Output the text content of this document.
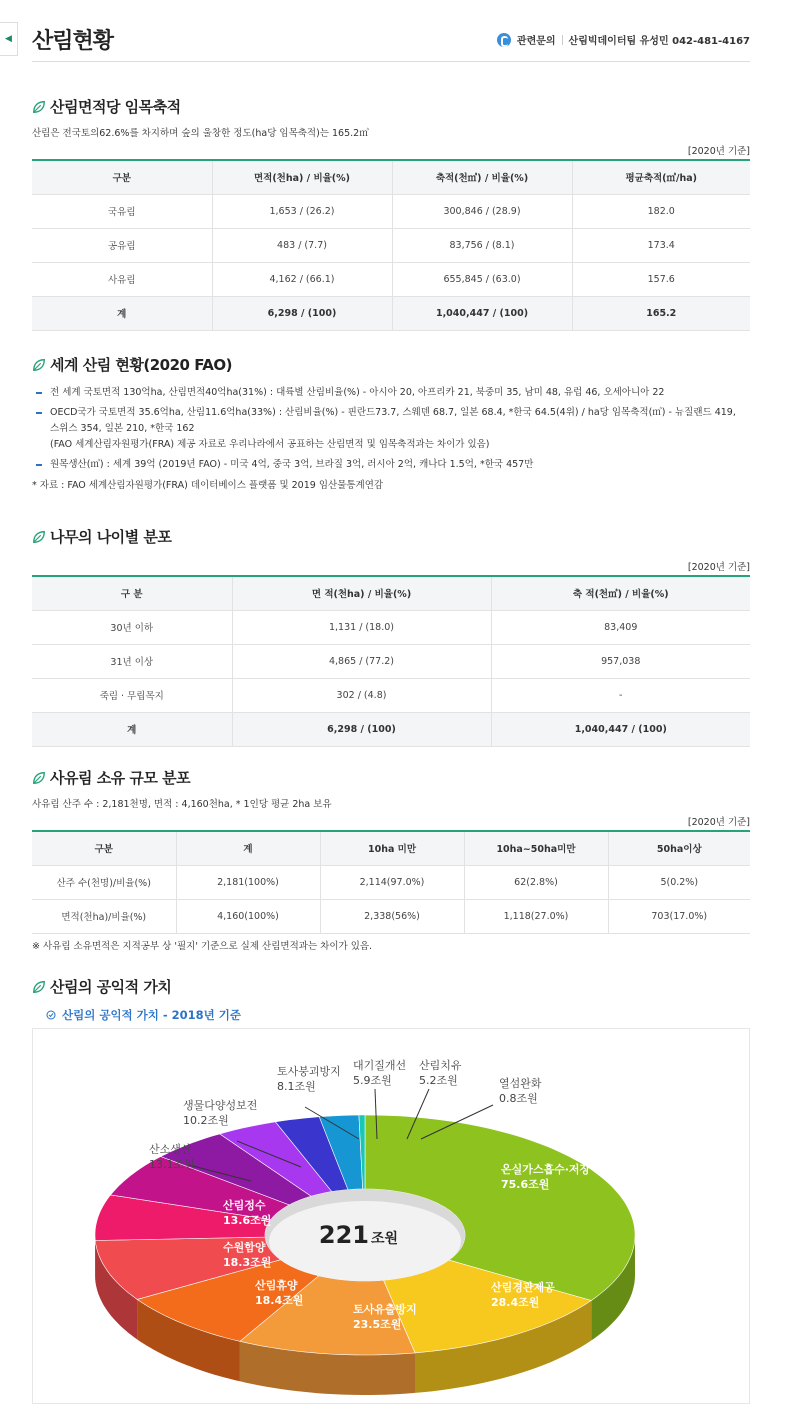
◀ 산림현황	관련문의 산림빅데이터팀 유성민 042-481-4167
산림면적당 임목축적
산림은 전국토의62.6%를 차지하며 숲의 울창한 정도(ha당 임목축적)는 165.2㎥
[2020년 기준]
구분	면적(천ha) / 비율(%)	축적(천㎥) / 비율(%)	평균축적(㎥/ha)
국유림	1,653 / (26.2)	300,846 / (28.9)	182.0
공유림	483 / (7.7)	83,756 / (8.1)	173.4
사유림	4,162 / (66.1)	655,845 / (63.0)	157.6
계	6,298 / (100)	1,040,447 / (100)	165.2
세계 산림 현황(2020 FAO)
전 세계 국토면적 130억ha, 산림면적40억ha(31%) : 대륙별 산림비율(%) - 아시아 20, 아프리카 21, 북중미 35, 남미 48, 유럽 46, 오세아니아 22
OECD국가 국토면적 35.6억ha, 산림11.6억ha(33%) : 산림비율(%) - 핀란드73.7, 스웨덴 68.7, 일본 68.4, *한국 64.5(4위) / ha당 임목축적(㎥) - 뉴질랜드 419,
스위스 354, 일본 210, *한국 162
(FAO 세계산림자원평가(FRA) 제공 자료로 우리나라에서 공표하는 산림면적 및 임목축적과는 차이가 있음)
원목생산(㎥) : 세계 39억 (2019년 FAO) - 미국 4억, 중국 3억, 브라질 3억, 러시아 2억, 캐나다 1.5억, *한국 457만
* 자료 : FAO 세계산림자원평가(FRA) 데이터베이스 플랫폼 및 2019 임산물통계연감
나무의 나이별 분포
[2020년 기준]
구 분	면 적(천ha) / 비율(%)	축 적(천㎥) / 비율(%)
30년 이하	1,131 / (18.0)	83,409
31년 이상	4,865 / (77.2)	957,038
죽림 · 무립목지	302 / (4.8)	-
계	6,298 / (100)	1,040,447 / (100)
사유림 소유 규모 분포
사유림 산주 수 : 2,181천명, 면적 : 4,160천ha, * 1인당 평균 2ha 보유
[2020년 기준]
구분	계	10ha 미만	10ha~50ha미만	50ha이상
산주 수(천명)/비율(%)	2,181(100%)	2,114(97.0%)	62(2.8%)	5(0.2%)
면적(천ha)/비율(%)	4,160(100%)	2,338(56%)	1,118(27.0%)	703(17.0%)
※ 사유림 소유면적은 지적공부 상 '필지' 기준으로 실제 산림면적과는 차이가 있음.
산림의 공익적 가치
산림의 공익적 가치 - 2018년 기준
221 조원
온실가스흡수·저장
75.6조원
산림경관제공
28.4조원
토사유출방지
23.5조원
산림휴양
18.4조원
수원함양
18.3조원
산림정수
13.6조원
산소생산
13.1조원
생물다양성보전
10.2조원
토사붕괴방지
8.1조원
대기질개선
5.9조원
산림치유
5.2조원	열섬완화
0.8조원
